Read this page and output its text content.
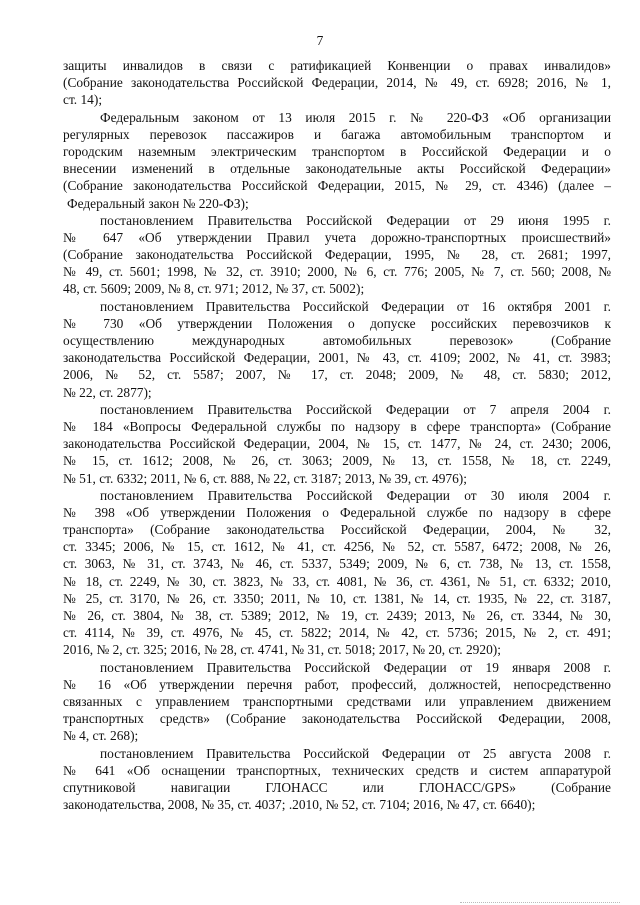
7
защиты инвалидов в связи с ратификацией Конвенции о правах инвалидов»
(Собрание законодательства Российской Федерации, 2014, № 49, ст. 6928; 2016, № 1,
ст. 14);
Федеральным законом от 13 июля 2015 г. № 220-ФЗ «Об организации
регулярных перевозок пассажиров и багажа автомобильным транспортом и
городским наземным электрическим транспортом в Российской Федерации и о
внесении изменений в отдельные законодательные акты Российской Федерации»
(Собрание законодательства Российской Федерации, 2015, № 29, ст. 4346) (далее –
Федеральный закон № 220-ФЗ);
постановлением Правительства Российской Федерации от 29 июня 1995 г.
№ 647 «Об утверждении Правил учета дорожно-транспортных происшествий»
(Собрание законодательства Российской Федерации, 1995, № 28, ст. 2681; 1997,
№ 49, ст. 5601; 1998, № 32, ст. 3910; 2000, № 6, ст. 776; 2005, № 7, ст. 560; 2008, №
48, ст. 5609; 2009, № 8, ст. 971; 2012, № 37, ст. 5002);
постановлением Правительства Российской Федерации от 16 октября 2001 г.
№ 730 «Об утверждении Положения о допуске российских перевозчиков к
осуществлению международных автомобильных перевозок» (Собрание
законодательства Российской Федерации, 2001, № 43, ст. 4109; 2002, № 41, ст. 3983;
2006, № 52, ст. 5587; 2007, № 17, ст. 2048; 2009, № 48, ст. 5830; 2012,
№ 22, ст. 2877);
постановлением Правительства Российской Федерации от 7 апреля 2004 г.
№ 184 «Вопросы Федеральной службы по надзору в сфере транспорта» (Собрание
законодательства Российской Федерации, 2004, № 15, ст. 1477, № 24, ст. 2430; 2006,
№ 15, ст. 1612; 2008, № 26, ст. 3063; 2009, № 13, ст. 1558, № 18, ст. 2249,
№ 51, ст. 6332; 2011, № 6, ст. 888, № 22, ст. 3187; 2013, № 39, ст. 4976);
постановлением Правительства Российской Федерации от 30 июля 2004 г.
№ 398 «Об утверждении Положения о Федеральной службе по надзору в сфере
транспорта» (Собрание законодательства Российской Федерации, 2004, № 32,
ст. 3345; 2006, № 15, ст. 1612, № 41, ст. 4256, № 52, ст. 5587, 6472; 2008, № 26,
ст. 3063, № 31, ст. 3743, № 46, ст. 5337, 5349; 2009, № 6, ст. 738, № 13, ст. 1558,
№ 18, ст. 2249, № 30, ст. 3823, № 33, ст. 4081, № 36, ст. 4361, № 51, ст. 6332; 2010,
№ 25, ст. 3170, № 26, ст. 3350; 2011, № 10, ст. 1381, № 14, ст. 1935, № 22, ст. 3187,
№ 26, ст. 3804, № 38, ст. 5389; 2012, № 19, ст. 2439; 2013, № 26, ст. 3344, № 30,
ст. 4114, № 39, ст. 4976, № 45, ст. 5822; 2014, № 42, ст. 5736; 2015, № 2, ст. 491;
2016, № 2, ст. 325; 2016, № 28, ст. 4741, № 31, ст. 5018; 2017, № 20, ст. 2920);
постановлением Правительства Российской Федерации от 19 января 2008 г.
№ 16 «Об утверждении перечня работ, профессий, должностей, непосредственно
связанных с управлением транспортными средствами или управлением движением
транспортных средств» (Собрание законодательства Российской Федерации, 2008,
№ 4, ст. 268);
постановлением Правительства Российской Федерации от 25 августа 2008 г.
№ 641 «Об оснащении транспортных, технических средств и систем аппаратурой
спутниковой навигации ГЛОНАСС или ГЛОНАСС/GPS» (Собрание
законодательства, 2008, № 35, ст. 4037; .2010, № 52, ст. 7104; 2016, № 47, ст. 6640);
